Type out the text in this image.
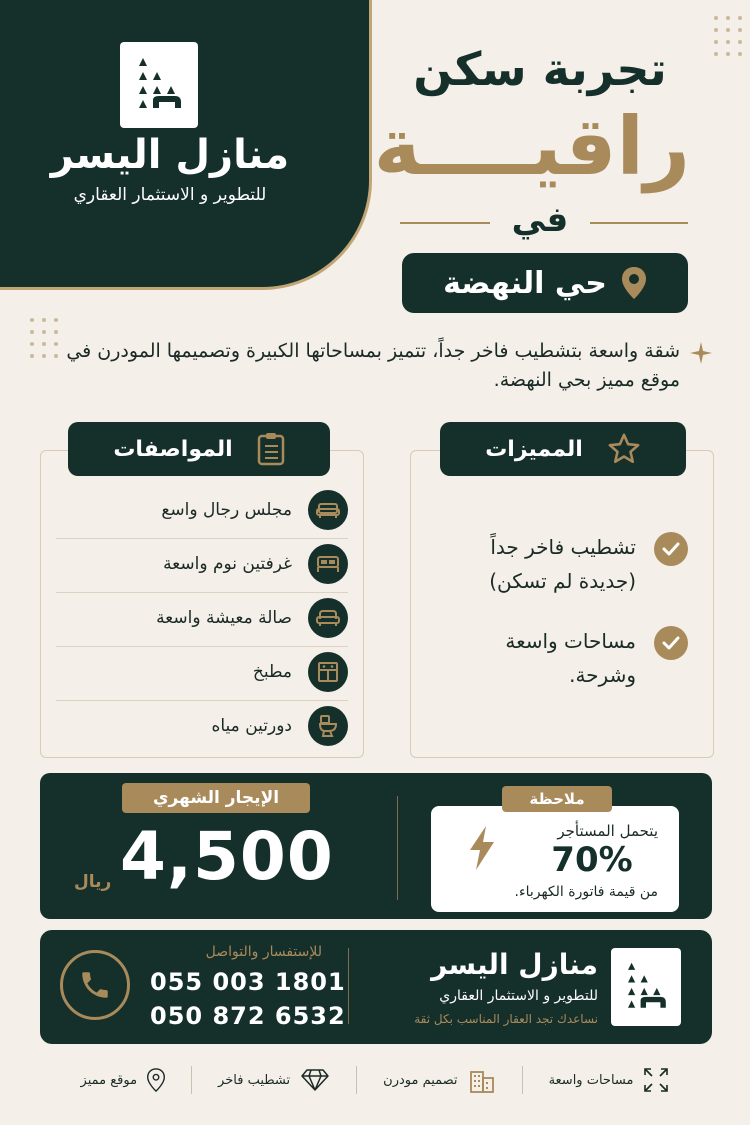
منازل اليسر
للتطوير و الاستثمار العقاري
تجربة سكن
راقيــــة
في
حي النهضة
شقة واسعة بتشطيب فاخر جداً، تتميز بمساحاتها الكبيرة وتصميمها المودرن في موقع مميز بحي النهضة.
المواصفات
مجلس رجال واسع
غرفتين نوم واسعة
صالة معيشة واسعة
مطبخ
دورتين مياه
المميزات
تشطيب فاخر جداً
(جديدة لم تسكن)
مساحات واسعة
وشرحة.
الإيجار الشهري
4,500
ريال
ملاحظة
يتحمل المستأجر
70%
من قيمة فاتورة الكهرباء.
منازل اليسر
للتطوير و الاستثمار العقاري
نساعدك تجد العقار المناسب بكل ثقة
للإستفسار والتواصل
055 003 1801
050 872 6532
موقع مميز	تشطيب فاخر	تصميم مودرن	مساحات واسعة
